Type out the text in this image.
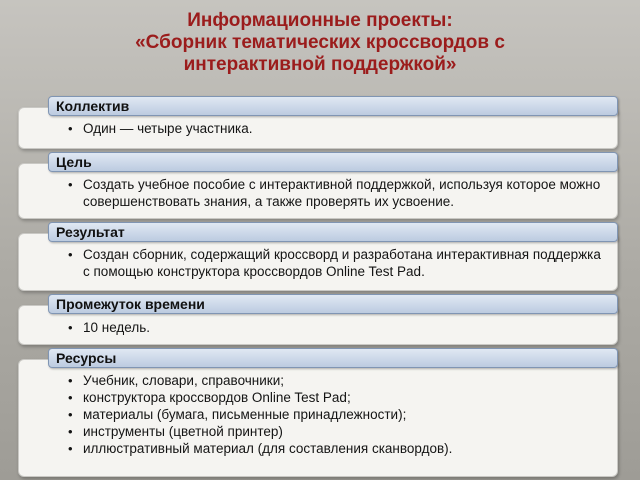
Информационные проекты:
«Сборник тематических кроссвордов с
интерактивной поддержкой»
Коллектив
• Один — четыре участника.
Цель
• Создать учебное пособие с интерактивной поддержкой, используя которое можно совершенствовать знания, а также проверять их усвоение.
Результат
• Создан сборник, содержащий кроссворд и разработана интерактивная поддержка с помощью конструктора кроссвордов Online Test Pad.
Промежуток времени
• 10 недель.
Ресурсы
• Учебник, словари, справочники;
• конструктора кроссвордов Online Test Pad;
• материалы (бумага, письменные принадлежности);
• инструменты (цветной принтер)
• иллюстративный материал (для составления сканвордов).
